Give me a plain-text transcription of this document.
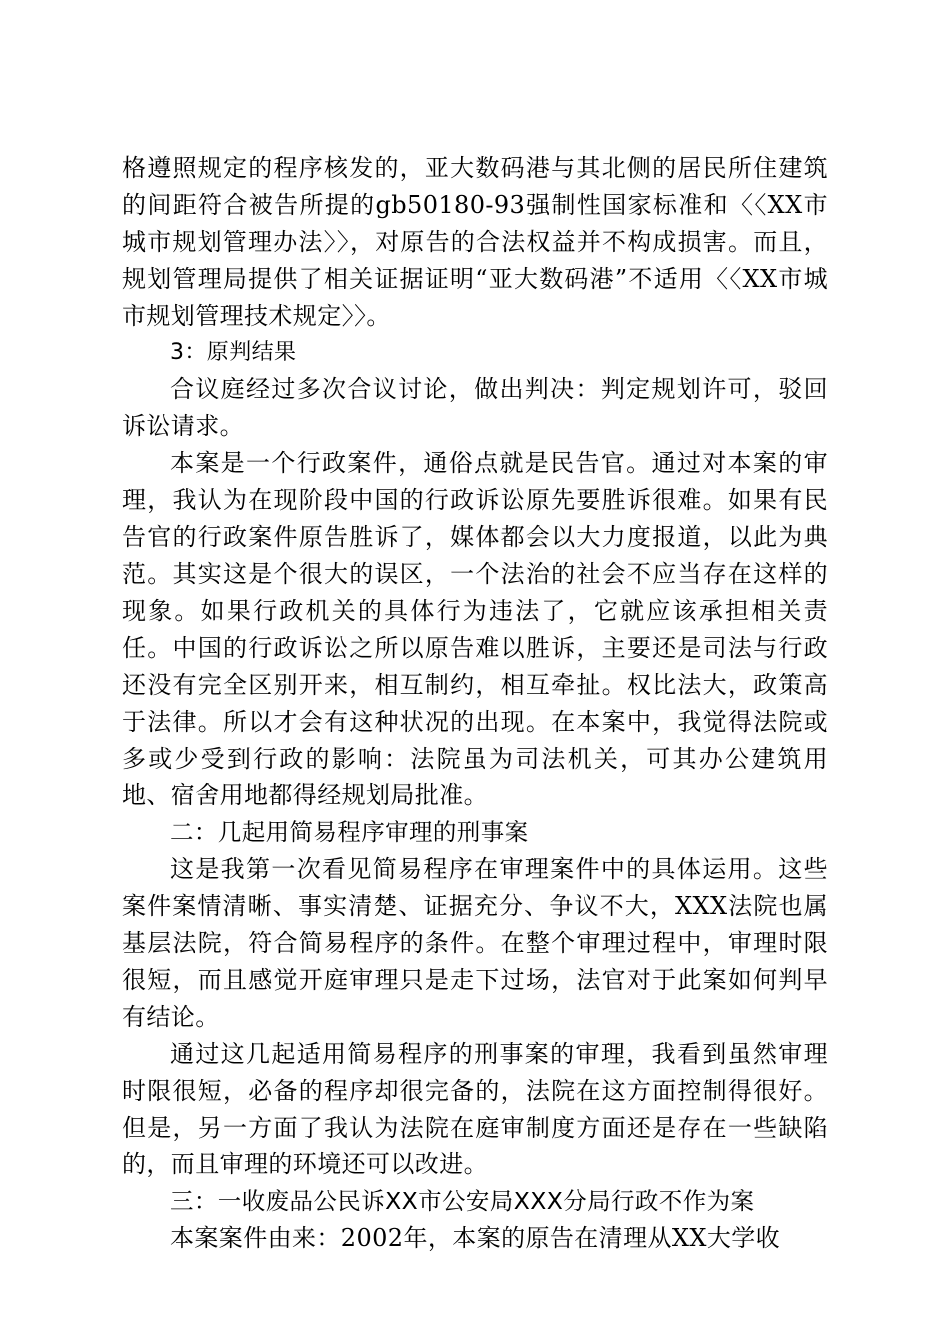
格遵照规定的程序核发的，亚大数码港与其北侧的居民所住建筑的间距符合被告所提的gb50180-93强制性国家标准和〈〈XX市城市规划管理办法〉〉，对原告的合法权益并不构成损害。而且，规划管理局提供了相关证据证明“亚大数码港”不适用〈〈XX市城市规划管理技术规定〉〉。

3：原判结果

合议庭经过多次合议讨论，做出判决：判定规划许可，驳回诉讼请求。

本案是一个行政案件，通俗点就是民告官。通过对本案的审理，我认为在现阶段中国的行政诉讼原先要胜诉很难。如果有民告官的行政案件原告胜诉了，媒体都会以大力度报道，以此为典范。其实这是个很大的误区，一个法治的社会不应当存在这样的现象。如果行政机关的具体行为违法了，它就应该承担相关责任。中国的行政诉讼之所以原告难以胜诉，主要还是司法与行政还没有完全区别开来，相互制约，相互牵扯。权比法大，政策高于法律。所以才会有这种状况的出现。在本案中，我觉得法院或多或少受到行政的影响：法院虽为司法机关，可其办公建筑用地、宿舍用地都得经规划局批准。

二：几起用简易程序审理的刑事案

这是我第一次看见简易程序在审理案件中的具体运用。这些案件案情清晰、事实清楚、证据充分、争议不大，XXX法院也属基层法院，符合简易程序的条件。在整个审理过程中，审理时限很短，而且感觉开庭审理只是走下过场，法官对于此案如何判早有结论。

通过这几起适用简易程序的刑事案的审理，我看到虽然审理时限很短，必备的程序却很完备的，法院在这方面控制得很好。但是，另一方面了我认为法院在庭审制度方面还是存在一些缺陷的，而且审理的环境还可以改进。

三：一收废品公民诉XX市公安局XXX分局行政不作为案

本案案件由来：2002年，本案的原告在清理从XX大学收
